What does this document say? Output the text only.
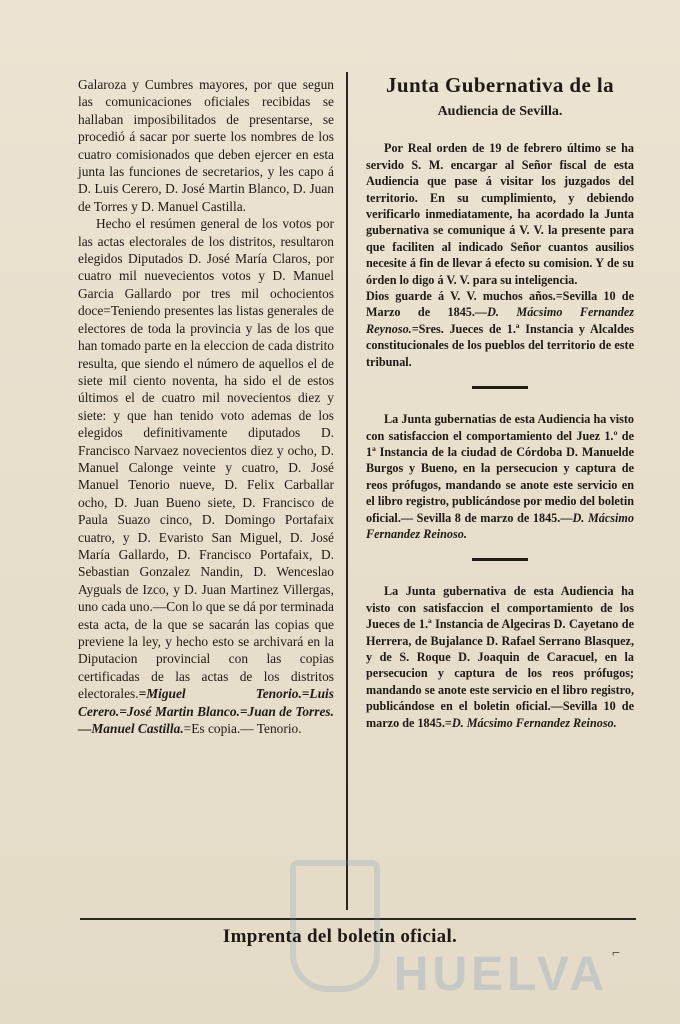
Galaroza y Cumbres mayores, por que segun las comunicaciones oficiales recibidas se hallaban imposibilitados de presentarse, se procedió á sacar por suerte los nombres de los cuatro comisionados que deben ejercer en esta junta las funciones de secretarios, y les capo á D. Luis Cerero, D. José Martin Blanco, D. Juan de Torres y D. Manuel Castilla.

Hecho el resúmen general de los votos por las actas electorales de los distritos, resultaron elegidos Diputados D. José María Claros, por cuatro mil nuevecientos votos y D. Manuel Garcia Gallardo por tres mil ochocientos doce=Teniendo presentes las listas generales de electores de toda la provincia y las de los que han tomado parte en la eleccion de cada distrito resulta, que siendo el número de aquellos el de siete mil ciento noventa, ha sido el de estos últimos el de cuatro mil novecientos diez y siete: y que han tenido voto ademas de los elegidos definitivamente diputados D. Francisco Narvaez novecientos diez y ocho, D. Manuel Calonge veinte y cuatro, D. José Manuel Tenorio nueve, D. Felix Carballar ocho, D. Juan Bueno siete, D. Francisco de Paula Suazo cinco, D. Domingo Portafaix cuatro, y D. Evaristo San Miguel, D. José María Gallardo, D. Francisco Portafaix, D. Sebastian Gonzalez Nandin, D. Wenceslao Ayguals de Izco, y D. Juan Martinez Villergas, uno cada uno.—Con lo que se dá por terminada esta acta, de la que se sacarán las copias que previene la ley, y hecho esto se archivará en la Diputacion provincial con las copias certificadas de las actas de los distritos electorales.=Miguel Tenorio.=Luis Cerero.=José Martin Blanco.=Juan de Torres.—Manuel Castilla.=Es copia.— Tenorio.

Junta Gubernativa de la
Audiencia de Sevilla.

Por Real orden de 19 de febrero último se ha servido S. M. encargar al Señor fiscal de esta Audiencia que pase á visitar los juzgados del territorio. En su cumplimiento, y debiendo verificarlo inmediatamente, ha acordado la Junta gubernativa se comunique á V. V. la presente para que faciliten al indicado Señor cuantos ausilios necesite á fin de llevar á efecto su comision. Y de su órden lo digo á V. V. para su inteligencia.
Dios guarde á V. V. muchos años.=Sevilla 10 de Marzo de 1845.—D. Mácsimo Fernandez Reynoso.=Sres. Jueces de 1.ª Instancia y Alcaldes constitucionales de los pueblos del territorio de este tribunal.

La Junta gubernatias de esta Audiencia ha visto con satisfaccion el comportamiento del Juez 1.º de 1ª Instancia de la ciudad de Córdoba D. Manuelde Burgos y Bueno, en la persecucion y captura de reos prófugos, mandando se anote este servicio en el libro registro, publicándose por medio del boletin oficial.— Sevilla 8 de marzo de 1845.—D. Mácsimo Fernandez Reinoso.

La Junta gubernativa de esta Audiencia ha visto con satisfaccion el comportamiento de los Jueces de 1.ª Instancia de Algeciras D. Cayetano de Herrera, de Bujalance D. Rafael Serrano Blasquez, y de S. Roque D. Joaquin de Caracuel, en la persecucion y captura de los reos prófugos; mandando se anote este servicio en el libro registro, publicándose en el boletin oficial.—Sevilla 10 de marzo de 1845.=D. Mácsimo Fernandez Reinoso.

Imprenta del boletin oficial.
HUELVA ⌐
